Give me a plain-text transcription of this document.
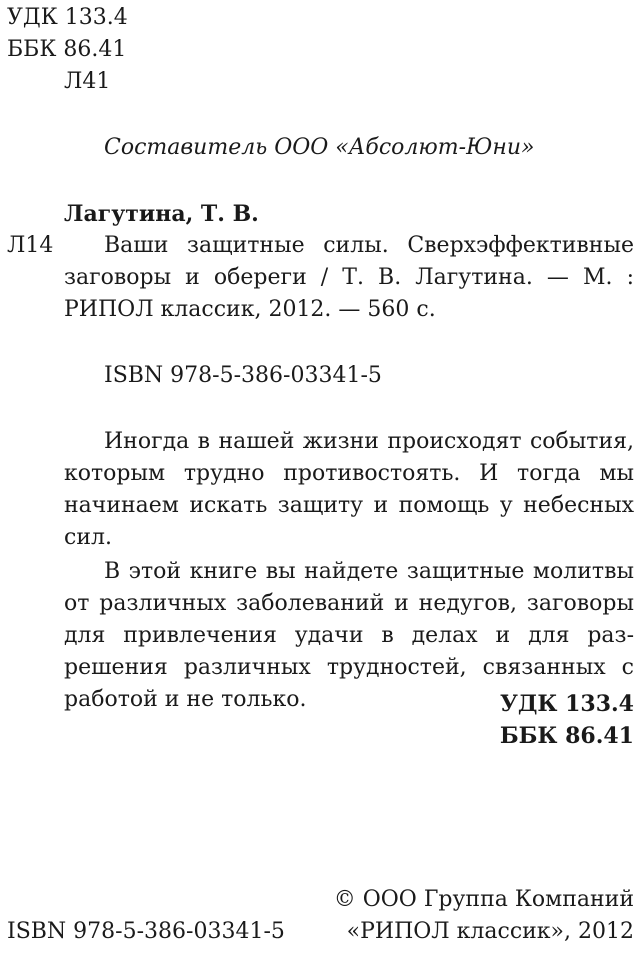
УДК 133.4
ББК 86.41
Л41
Составитель ООО «Абсолют-Юни»
Лагутина, Т. В.
Л14	Ваши защитные силы. Сверхэффективные заговоры и обереги / Т. В. Лагутина. — М. : РИПОЛ классик, 2012. — 560 с.

ISBN 978-5-386-03341-5

Иногда в нашей жизни происходят события, которым трудно противостоять. И тогда мы начинаем искать защиту и помощь у небесных сил.

В этой книге вы найдете защитные молитвы от различных заболеваний и недугов, заговоры для привлечения удачи в делах и для разрешения различных трудностей, связанных с работой и не только.	УДК 133.4
ББК 86.41
© ООО Группа Компаний
ISBN 978-5-386-03341-5	«РИПОЛ классик», 2012
